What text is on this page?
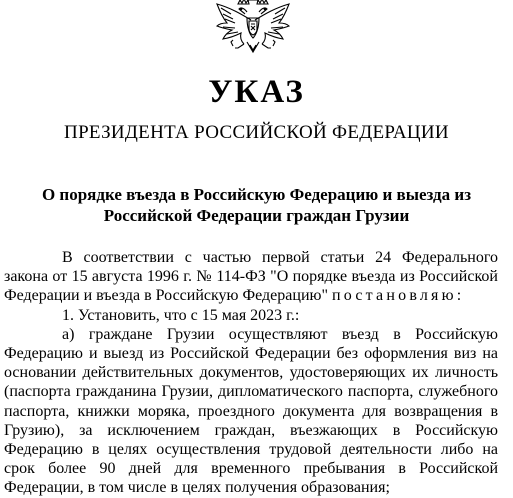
УКАЗ
ПРЕЗИДЕНТА РОССИЙСКОЙ ФЕДЕРАЦИИ
О порядке въезда в Российскую Федерацию и выезда из
Российской Федерации граждан Грузии

В соответствии с частью первой статьи 24 Федерального закона от 15 августа 1996 г. № 114-ФЗ "О порядке въезда из Российской Федерации и въезда в Российскую Федерацию" постановляю:

1. Установить, что с 15 мая 2023 г.:

а) граждане Грузии осуществляют въезд в Российскую Федерацию и выезд из Российской Федерации без оформления виз на основании действительных документов, удостоверяющих их личность (паспорта гражданина Грузии, дипломатического паспорта, служебного паспорта, книжки моряка, проездного документа для возвращения в Грузию), за исключением граждан, въезжающих в Российскую Федерацию в целях осуществления трудовой деятельности либо на срок более 90 дней для временного пребывания в Российской Федерации, в том числе в целях получения образования;
